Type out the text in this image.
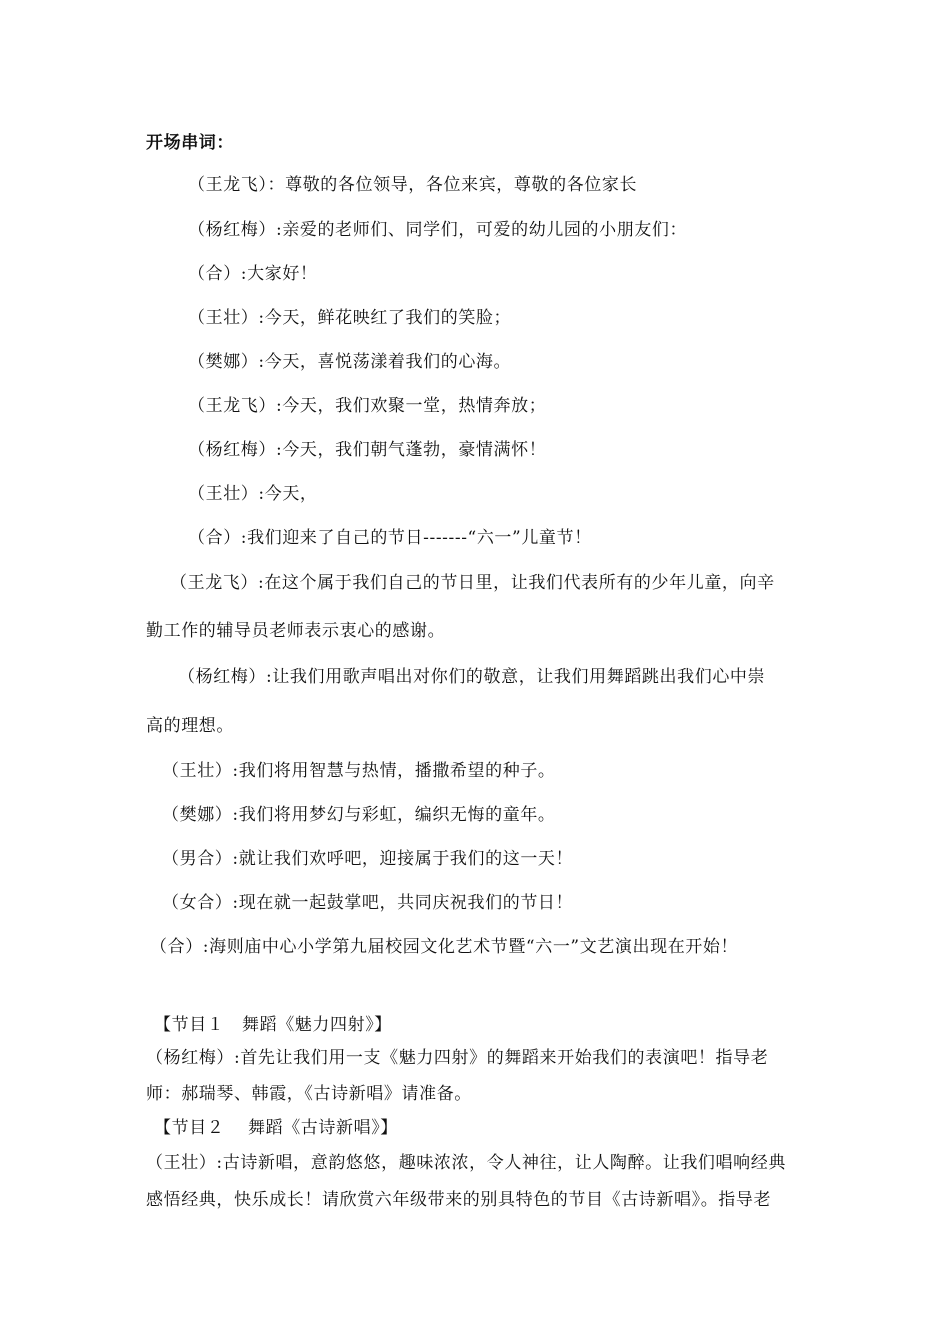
开场串词：
（王龙飞）：尊敬的各位领导，各位来宾，尊敬的各位家长
（杨红梅）:亲爱的老师们、同学们，可爱的幼儿园的小朋友们：
（合）:大家好！
（王壮）:今天，鲜花映红了我们的笑脸；
（樊娜）:今天，喜悦荡漾着我们的心海。
（王龙飞）:今天，我们欢聚一堂，热情奔放；
（杨红梅）:今天，我们朝气蓬勃，豪情满怀！
（王壮）:今天，
（合）:我们迎来了自己的节日-------“六一”儿童节！
（王龙飞）:在这个属于我们自己的节日里，让我们代表所有的少年儿童，向辛
勤工作的辅导员老师表示衷心的感谢。
（杨红梅）:让我们用歌声唱出对你们的敬意，让我们用舞蹈跳出我们心中崇
高的理想。
（王壮）:我们将用智慧与热情，播撒希望的种子。
（樊娜）:我们将用梦幻与彩虹，编织无悔的童年。
（男合）:就让我们欢呼吧，迎接属于我们的这一天！
（女合）:现在就一起鼓掌吧，共同庆祝我们的节日！
（合）:海则庙中心小学第九届校园文化艺术节暨“六一”文艺演出现在开始！
【节目１　舞蹈《魅力四射》】
（杨红梅）:首先让我们用一支《魅力四射》的舞蹈来开始我们的表演吧！指导老
师：郝瑞琴、韩霞，《古诗新唱》请准备。
【节目２　 舞蹈《古诗新唱》】
（王壮）:古诗新唱，意韵悠悠，趣味浓浓，令人神往，让人陶醉。让我们唱响经典
感悟经典，快乐成长！请欣赏六年级带来的别具特色的节目《古诗新唱》。指导老
